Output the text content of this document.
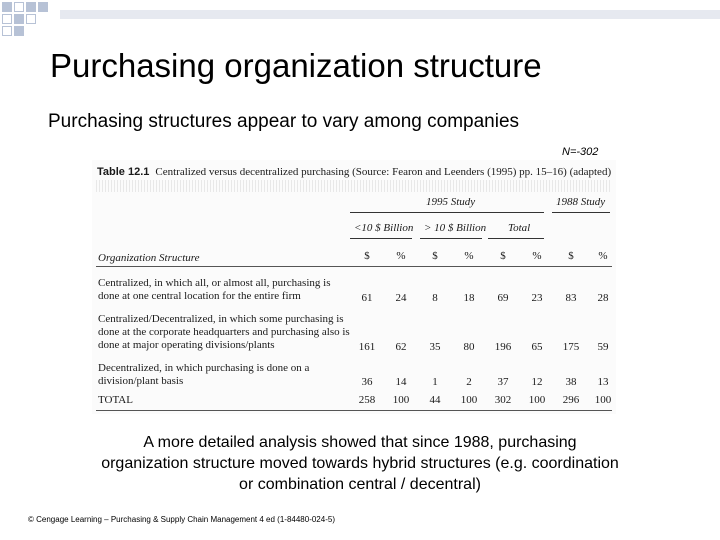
Purchasing organization structure
Purchasing structures appear to vary among companies
N=-302
Table 12.1 Centralized versus decentralized purchasing (Source: Fearon and Leenders (1995) pp. 15–16) (adapted)
1995 Study	1988 Study
<10 $ Billion > 10 $ Billion Total
Organization Structure	$	%	$	%	$	%	$	%
Centralized, in which all, or almost all, purchasing is done at one central location for the entire firm	61	24	8	18	69	23	83	28
Centralized/Decentralized, in which some purchasing is done at the corporate headquarters and purchasing also is done at major operating divisions/plants	161	62	35	80	196	65	175	59
Decentralized, in which purchasing is done on a division/plant basis	36	14	1	2	37	12	38	13
TOTAL	258	100	44	100	302	100	296	100
A more detailed analysis showed that since 1988, purchasing organization structure moved towards hybrid structures (e.g. coordination or combination central / decentral)
© Cengage Learning – Purchasing & Supply Chain Management 4 ed (1-84480-024-5)
